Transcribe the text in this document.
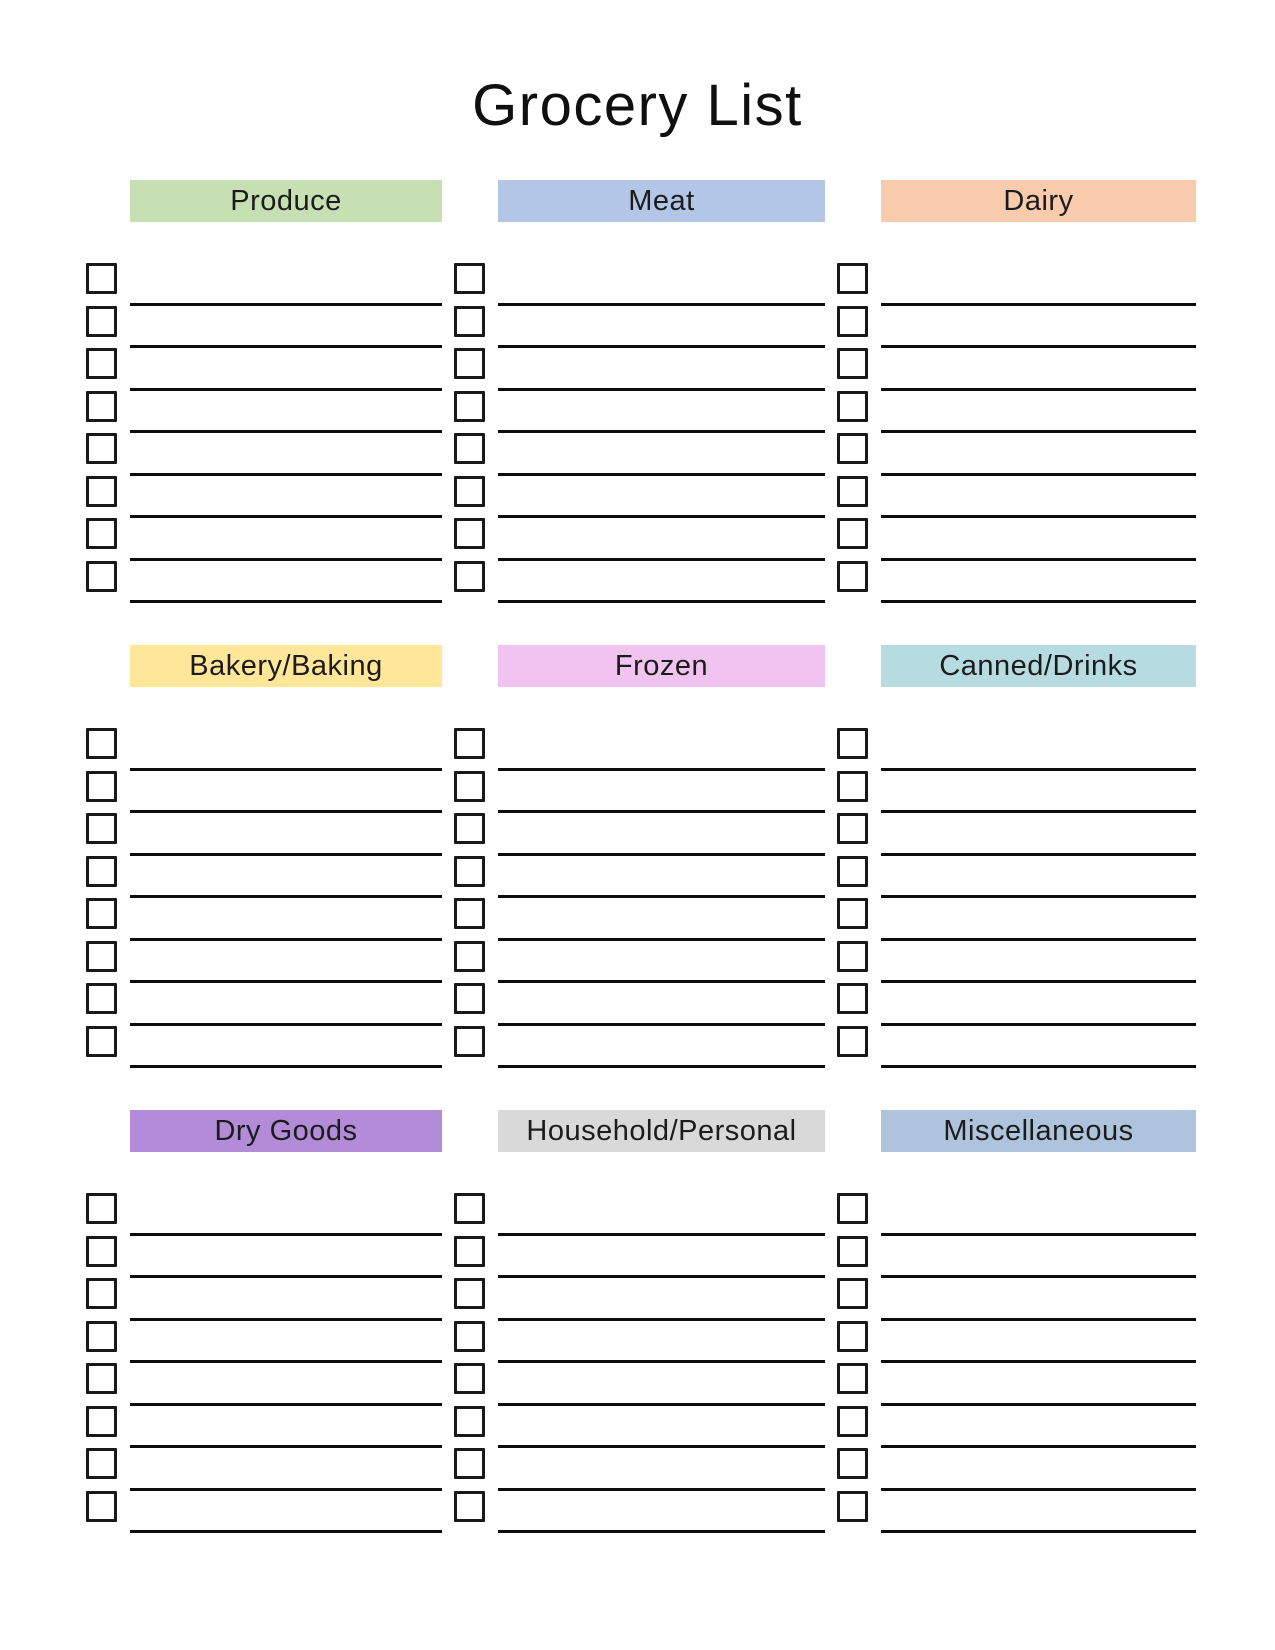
Grocery List
Produce	Meat	Dairy
Bakery/Baking	Frozen	Canned/Drinks
Dry Goods	Household/Personal	Miscellaneous
